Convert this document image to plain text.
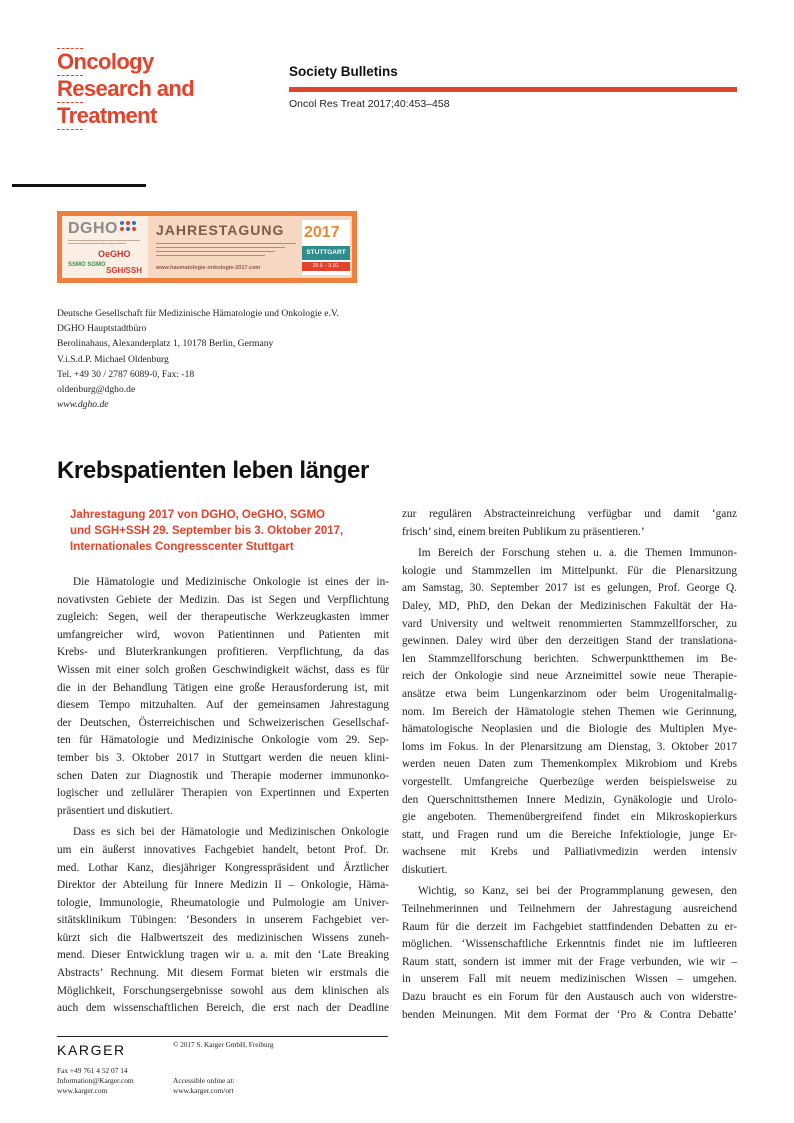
Oncology
Research and
Treatment
Society Bulletins
Oncol Res Treat 2017;40:453–458
DGHO
OeGHO
SSMO SGMO
SGH/SSH
JAHRESTAGUNG
www.haematologie-onkologie-2017.com
2017
STUTTGART
29.9. - 3.10.
Deutsche Gesellschaft für Medizinische Hämatologie und Onkologie e.V.
DGHO Hauptstadtbüro
Berolinahaus, Alexanderplatz 1, 10178 Berlin, Germany
V.i.S.d.P. Michael Oldenburg
Tel. +49 30 / 2787 6089-0, Fax: -18
oldenburg@dgho.de
www.dgho.de
Krebspatienten leben länger
Jahrestagung 2017 von DGHO, OeGHO, SGMO
und SGH+SSH 29. September bis 3. Oktober 2017,
Internationales Congresscenter Stuttgart
Die Hämatologie und Medizinische Onkologie ist eines der in-
novativsten Gebiete der Medizin. Das ist Segen und Verpflichtung
zugleich: Segen, weil der therapeutische Werkzeugkasten immer
umfangreicher wird, wovon Patientinnen und Patienten mit
Krebs- und Bluterkrankungen profitieren. Verpflichtung, da das
Wissen mit einer solch großen Geschwindigkeit wächst, dass es für
die in der Behandlung Tätigen eine große Herausforderung ist, mit
diesem Tempo mitzuhalten. Auf der gemeinsamen Jahrestagung
der Deutschen, Österreichischen und Schweizerischen Gesellschaf-
ten für Hämatologie und Medizinische Onkologie vom 29. Sep-
tember bis 3. Oktober 2017 in Stuttgart werden die neuen klini-
schen Daten zur Diagnostik und Therapie moderner immunonko-
logischer und zellulärer Therapien von Expertinnen und Experten
präsentiert und diskutiert.
Dass es sich bei der Hämatologie und Medizinischen Onkologie
um ein äußerst innovatives Fachgebiet handelt, betont Prof. Dr.
med. Lothar Kanz, diesjähriger Kongresspräsident und Ärztlicher
Direktor der Abteilung für Innere Medizin II – Onkologie, Häma-
tologie, Immunologie, Rheumatologie und Pulmologie am Univer-
sitätsklinikum Tübingen: ‘Besonders in unserem Fachgebiet ver-
kürzt sich die Halbwertszeit des medizinischen Wissens zuneh-
mend. Dieser Entwicklung tragen wir u. a. mit den ‘Late Breaking
Abstracts’ Rechnung. Mit diesem Format bieten wir erstmals die
Möglichkeit, Forschungsergebnisse sowohl aus dem klinischen als
auch dem wissenschaftlichen Bereich, die erst nach der Deadline
zur regulären Abstracteinreichung verfügbar und damit ‘ganz
frisch’ sind, einem breiten Publikum zu präsentieren.’
Im Bereich der Forschung stehen u. a. die Themen Immunon-
kologie und Stammzellen im Mittelpunkt. Für die Plenarsitzung
am Samstag, 30. September 2017 ist es gelungen, Prof. George Q.
Daley, MD, PhD, den Dekan der Medizinischen Fakultät der Ha-
vard University und weltweit renommierten Stammzellforscher, zu
gewinnen. Daley wird über den derzeitigen Stand der translationa-
len Stammzellforschung berichten. Schwerpunktthemen im Be-
reich der Onkologie sind neue Arzneimittel sowie neue Therapie-
ansätze etwa beim Lungenkarzinom oder beim Urogenitalmalig-
nom. Im Bereich der Hämatologie stehen Themen wie Gerinnung,
hämatologische Neoplasien und die Biologie des Multiplen Mye-
loms im Fokus. In der Plenarsitzung am Dienstag, 3. Oktober 2017
werden neuen Daten zum Themenkomplex Mikrobiom und Krebs
vorgestellt. Umfangreiche Querbezüge werden beispielsweise zu
den Querschnittsthemen Innere Medizin, Gynäkologie und Urolo-
gie angeboten. Themenübergreifend findet ein Mikroskopierkurs
statt, und Fragen rund um die Bereiche Infektiologie, junge Er-
wachsene mit Krebs und Palliativmedizin werden intensiv
diskutiert.
Wichtig, so Kanz, sei bei der Programmplanung gewesen, den
Teilnehmerinnen und Teilnehmern der Jahrestagung ausreichend
Raum für die derzeit im Fachgebiet stattfindenden Debatten zu er-
möglichen. ‘Wissenschaftliche Erkenntnis findet nie im luftleeren
Raum statt, sondern ist immer mit der Frage verbunden, wie wir –
in unserem Fall mit neuem medizinischen Wissen – umgehen.
Dazu braucht es ein Forum für den Austausch auch von widerstre-
benden Meinungen. Mit dem Format der ‘Pro & Contra Debatte’
KARGER	© 2017 S. Karger GmbH, Freiburg
Fax +49 761 4 52 07 14
Information@Karger.com
www.karger.com
Accessible online at:
www.karger.com/ort
